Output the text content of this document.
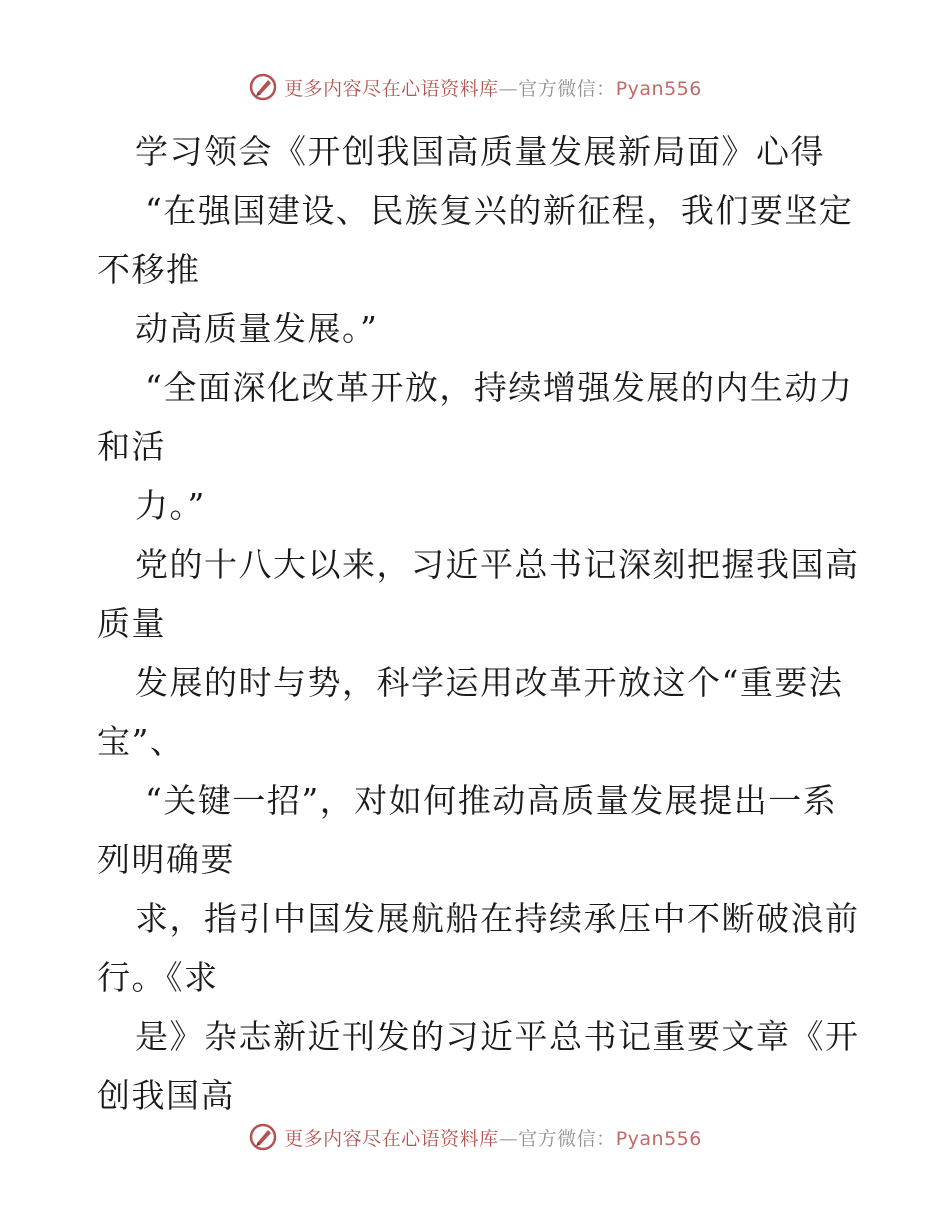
更多内容尽在心语资料库—官方微信：Pyan556
学习领会《开创我国高质量发展新局面》心得
“在强国建设、民族复兴的新征程，我们要坚定
不移推
动高质量发展。”
“全面深化改革开放，持续增强发展的内生动力
和活
力。”
党的十八大以来，习近平总书记深刻把握我国高
质量
发展的时与势，科学运用改革开放这个“重要法
宝”、
“关键一招”，对如何推动高质量发展提出一系
列明确要
求，指引中国发展航船在持续承压中不断破浪前
行。《求
是》杂志新近刊发的习近平总书记重要文章《开
创我国高
更多内容尽在心语资料库—官方微信：Pyan556
